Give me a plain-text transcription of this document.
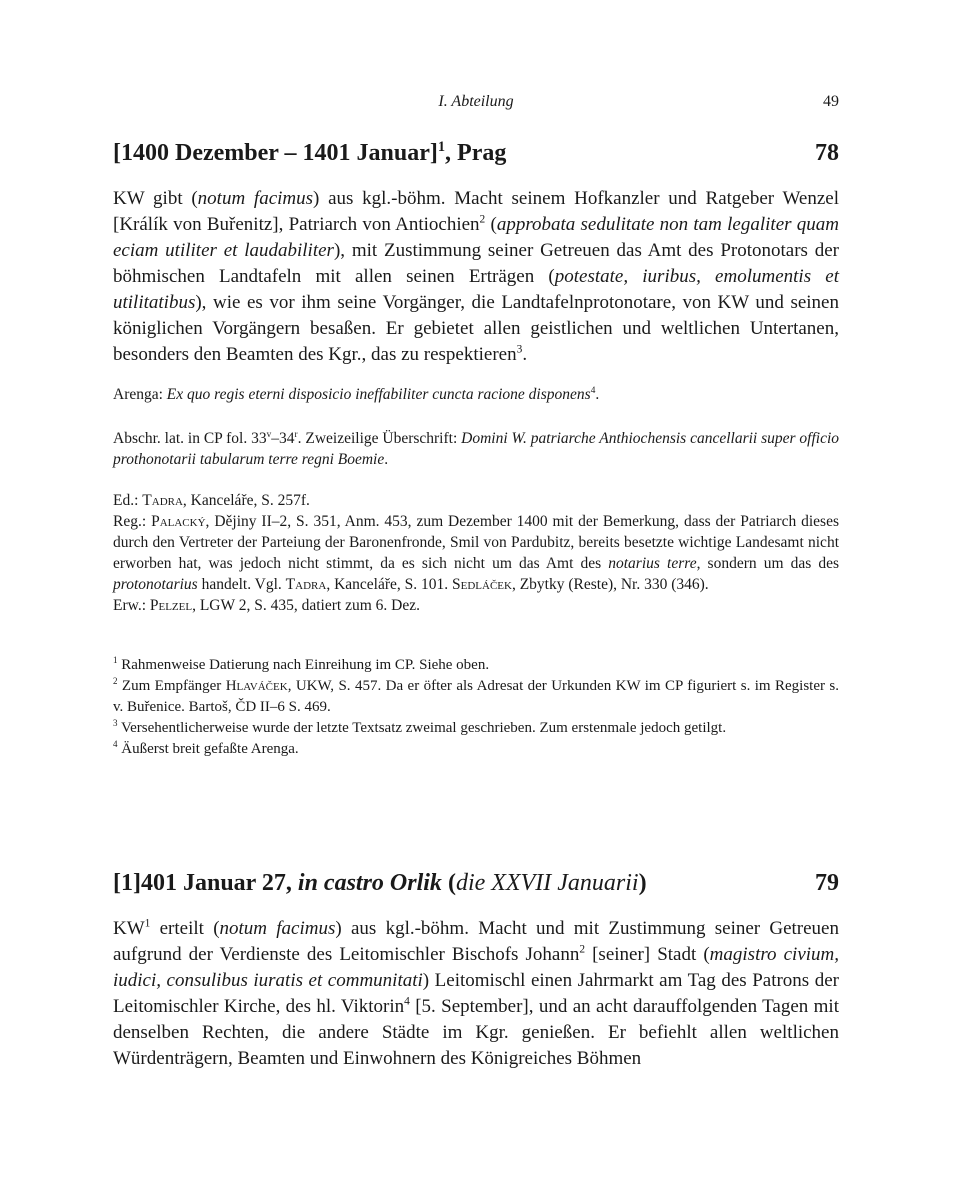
I. Abteilung	49
[1400 Dezember – 1401 Januar]$^1$, Prag	78

KW gibt (notum facimus) aus kgl.-böhm. Macht seinem Hofkanzler und Ratgeber Wenzel [Králík von Buřenitz], Patriarch von Antiochien$^2$ (approbata sedulitate non tam legaliter quam eciam utiliter et laudabiliter), mit Zustimmung seiner Getreuen das Amt des Protonotars der böhmischen Landtafeln mit allen seinen Erträgen (potestate, iuribus, emolumentis et utilitatibus), wie es vor ihm seine Vorgänger, die Landtafelnprotonotare, von KW und seinen königlichen Vorgängern besaßen. Er gebietet allen geistlichen und weltlichen Untertanen, besonders den Beamten des Kgr., das zu respektieren$^3$.

Arenga: Ex quo regis eterni disposicio ineffabiliter cuncta racione disponens$^4$.

Abschr. lat. in CP fol. 33$^v$–34$^r$. Zweizeilige Überschrift: Domini W. patriarche Anthiochensis cancellarii super officio prothonotarii tabularum terre regni Boemie.

Ed.: Tadra, Kanceláře, S. 257f.

Reg.: Palacký, Dějiny II–2, S. 351, Anm. 453, zum Dezember 1400 mit der Bemerkung, dass der Patriarch dieses durch den Vertreter der Parteiung der Baronenfronde, Smil von Pardubitz, bereits besetzte wichtige Landesamt nicht erworben hat, was jedoch nicht stimmt, da es sich nicht um das Amt des notarius terre, sondern um das des protonotarius handelt. Vgl. Tadra, Kanceláře, S. 101. Sedláček, Zbytky (Reste), Nr. 330 (346).

Erw.: Pelzel, LGW 2, S. 435, datiert zum 6. Dez.

$^1$ Rahmenweise Datierung nach Einreihung im CP. Siehe oben.

$^2$ Zum Empfänger Hlaváček, UKW, S. 457. Da er öfter als Adresat der Urkunden KW im CP figuriert s. im Register s. v. Buřenice. Bartoš, ČD II–6 S. 469.

$^3$ Versehentlicherweise wurde der letzte Textsatz zweimal geschrieben. Zum erstenmale jedoch getilgt.

$^4$ Äußerst breit gefaßte Arenga.

[1]401 Januar 27, in castro Orlik (die XXVII Januarii)	79

$KW^1$ erteilt (notum facimus) aus kgl.-böhm. Macht und mit Zustimmung seiner Getreuen aufgrund der Verdienste des Leitomischler Bischofs Johann$^2$ [seiner] Stadt (magistro civium, iudici, consulibus iuratis et communitati) Leitomischl einen Jahrmarkt am Tag des Patrons der Leitomischler Kirche, des hl. Viktorin$^4$ [5. September], und an acht darauffolgenden Tagen mit denselben Rechten, die andere Städte im Kgr. genießen. Er befiehlt allen weltlichen Würdenträgern, Beamten und Einwohnern des Königreiches Böhmen
